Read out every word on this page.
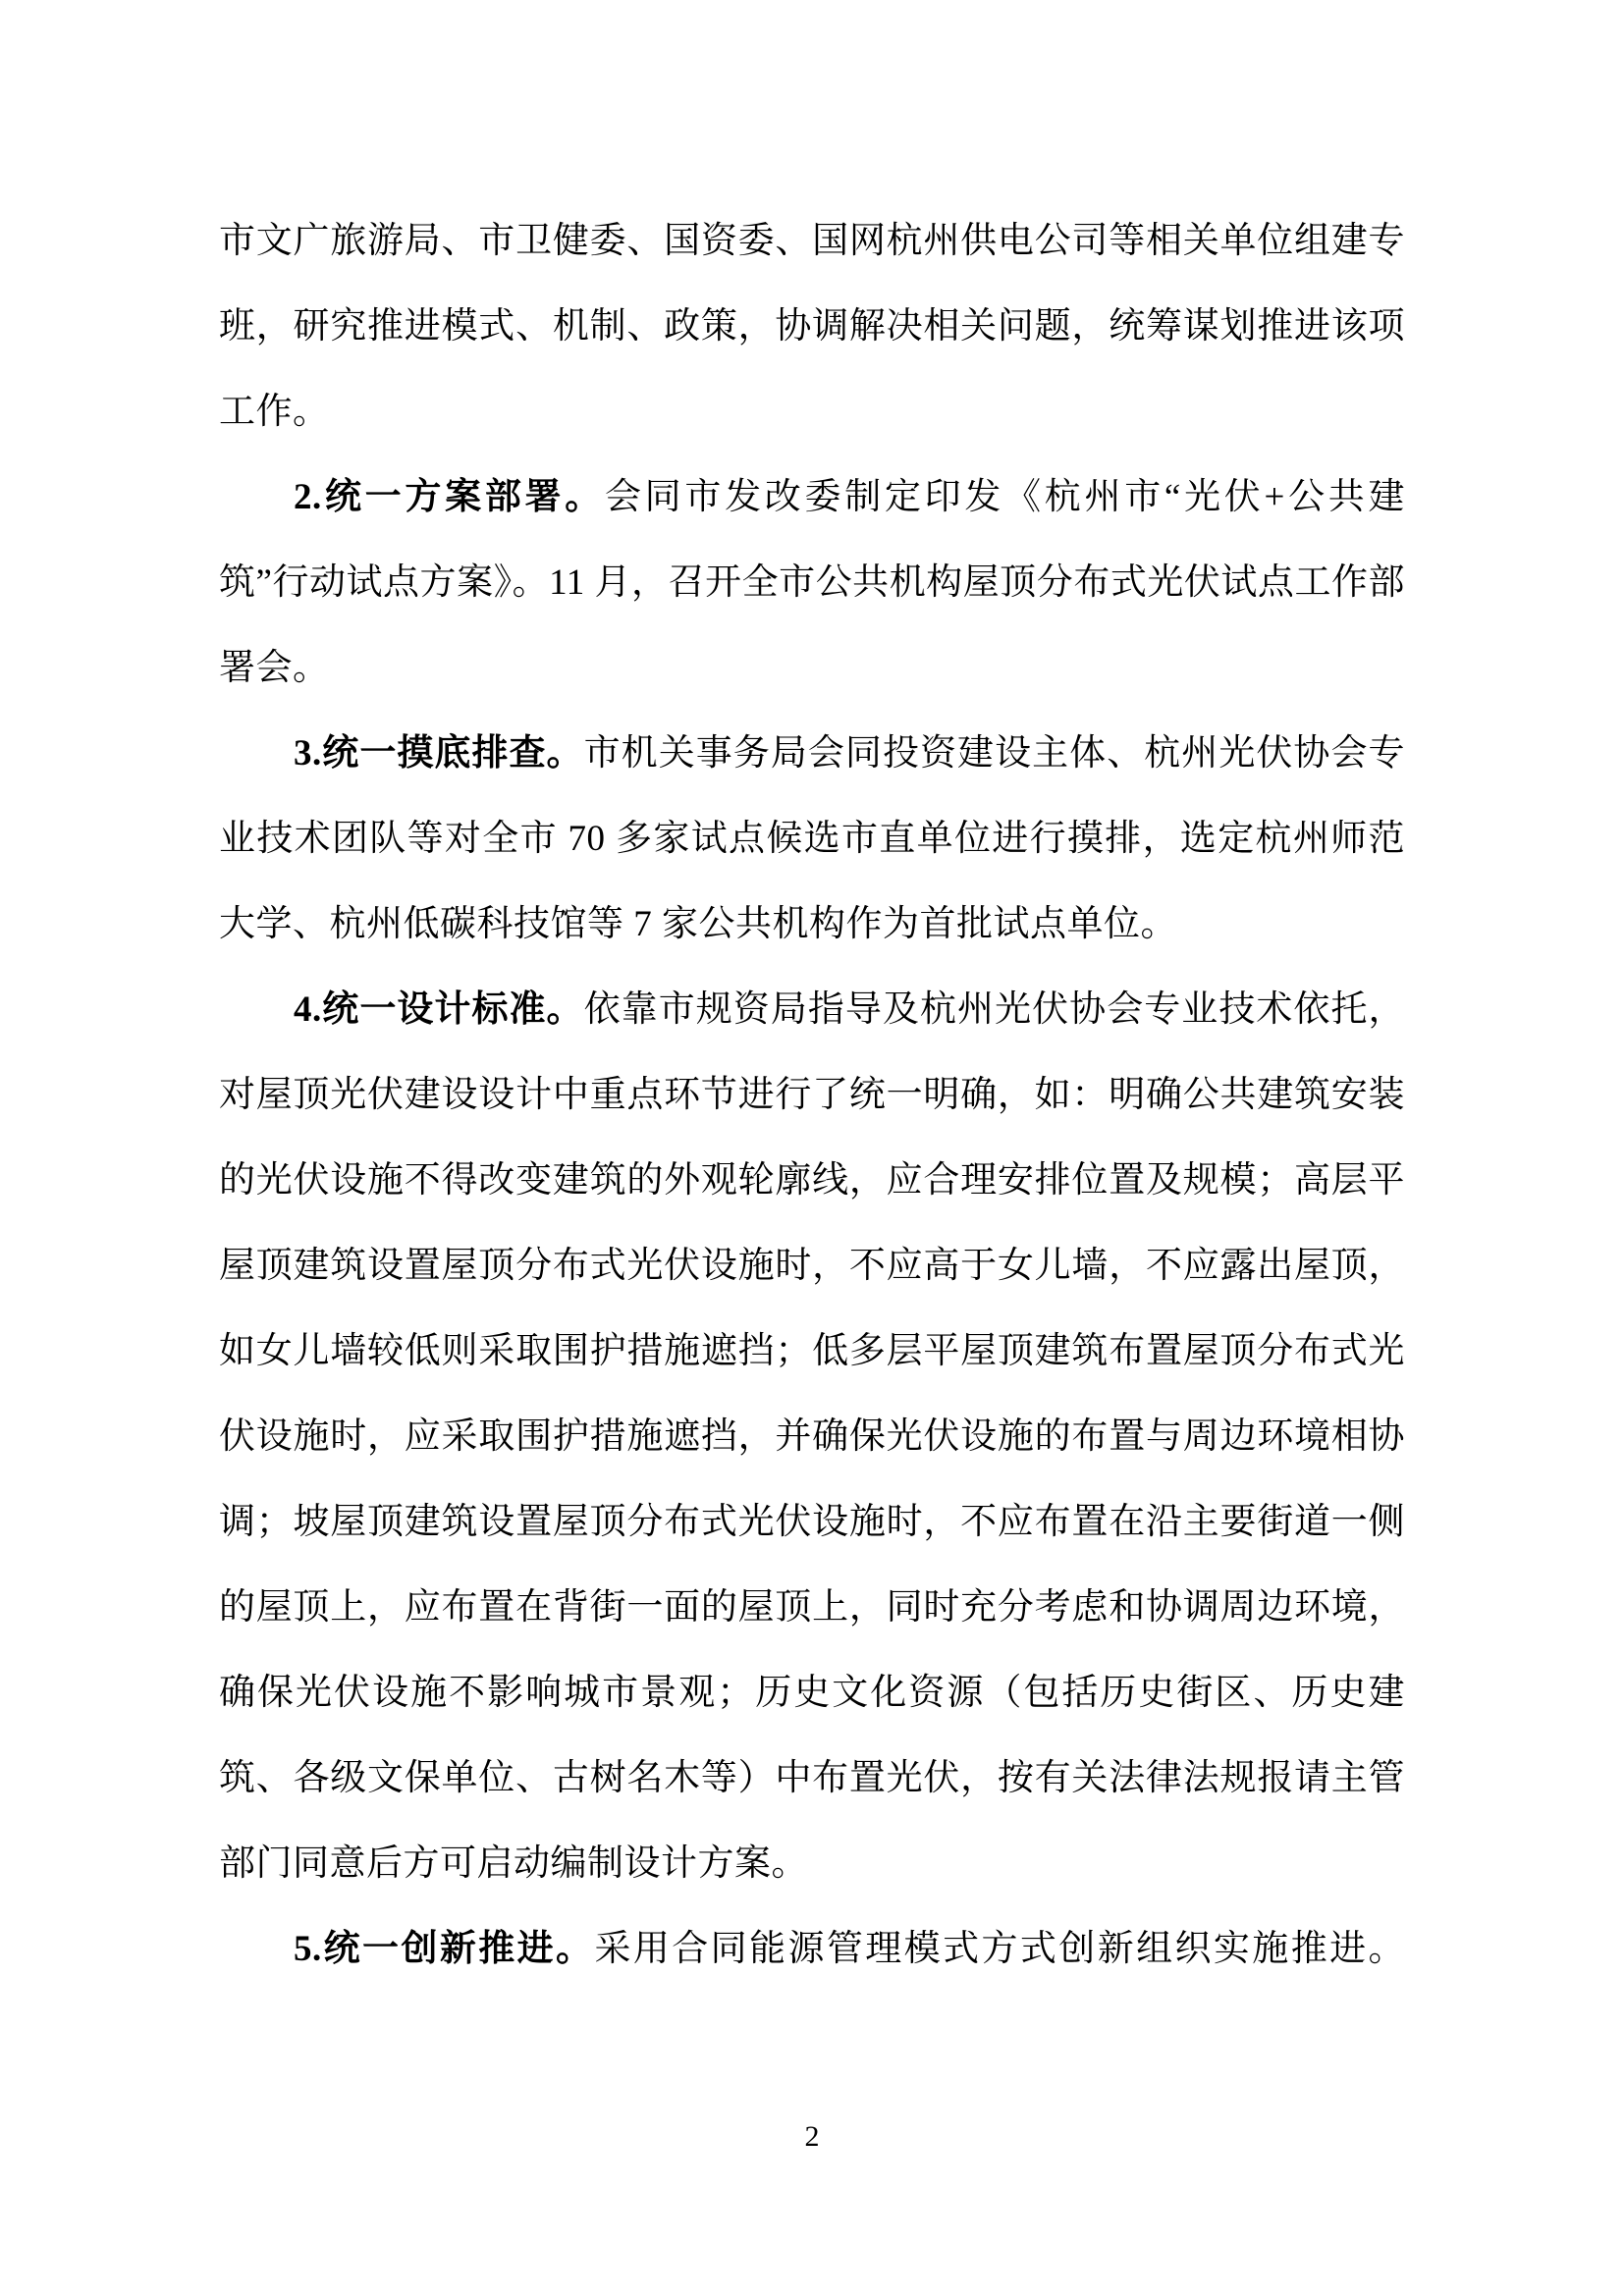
市文广旅游局、市卫健委、国资委、国网杭州供电公司等相关单位组建专班，研究推进模式、机制、政策，协调解决相关问题，统筹谋划推进该项工作。

2.统一方案部署。会同市发改委制定印发《杭州市“光伏+公共建筑”行动试点方案》。11 月，召开全市公共机构屋顶分布式光伏试点工作部署会。

3.统一摸底排查。市机关事务局会同投资建设主体、杭州光伏协会专业技术团队等对全市 70 多家试点候选市直单位进行摸排，选定杭州师范大学、杭州低碳科技馆等 7 家公共机构作为首批试点单位。

4.统一设计标准。依靠市规资局指导及杭州光伏协会专业技术依托，对屋顶光伏建设设计中重点环节进行了统一明确，如：明确公共建筑安装的光伏设施不得改变建筑的外观轮廓线，应合理安排位置及规模；高层平屋顶建筑设置屋顶分布式光伏设施时，不应高于女儿墙，不应露出屋顶，如女儿墙较低则采取围护措施遮挡；低多层平屋顶建筑布置屋顶分布式光伏设施时，应采取围护措施遮挡，并确保光伏设施的布置与周边环境相协调；坡屋顶建筑设置屋顶分布式光伏设施时，不应布置在沿主要街道一侧的屋顶上，应布置在背街一面的屋顶上，同时充分考虑和协调周边环境，确保光伏设施不影响城市景观；历史文化资源（包括历史街区、历史建筑、各级文保单位、古树名木等）中布置光伏，按有关法律法规报请主管部门同意后方可启动编制设计方案。

5.统一创新推进。采用合同能源管理模式方式创新组织实施推进。

2
